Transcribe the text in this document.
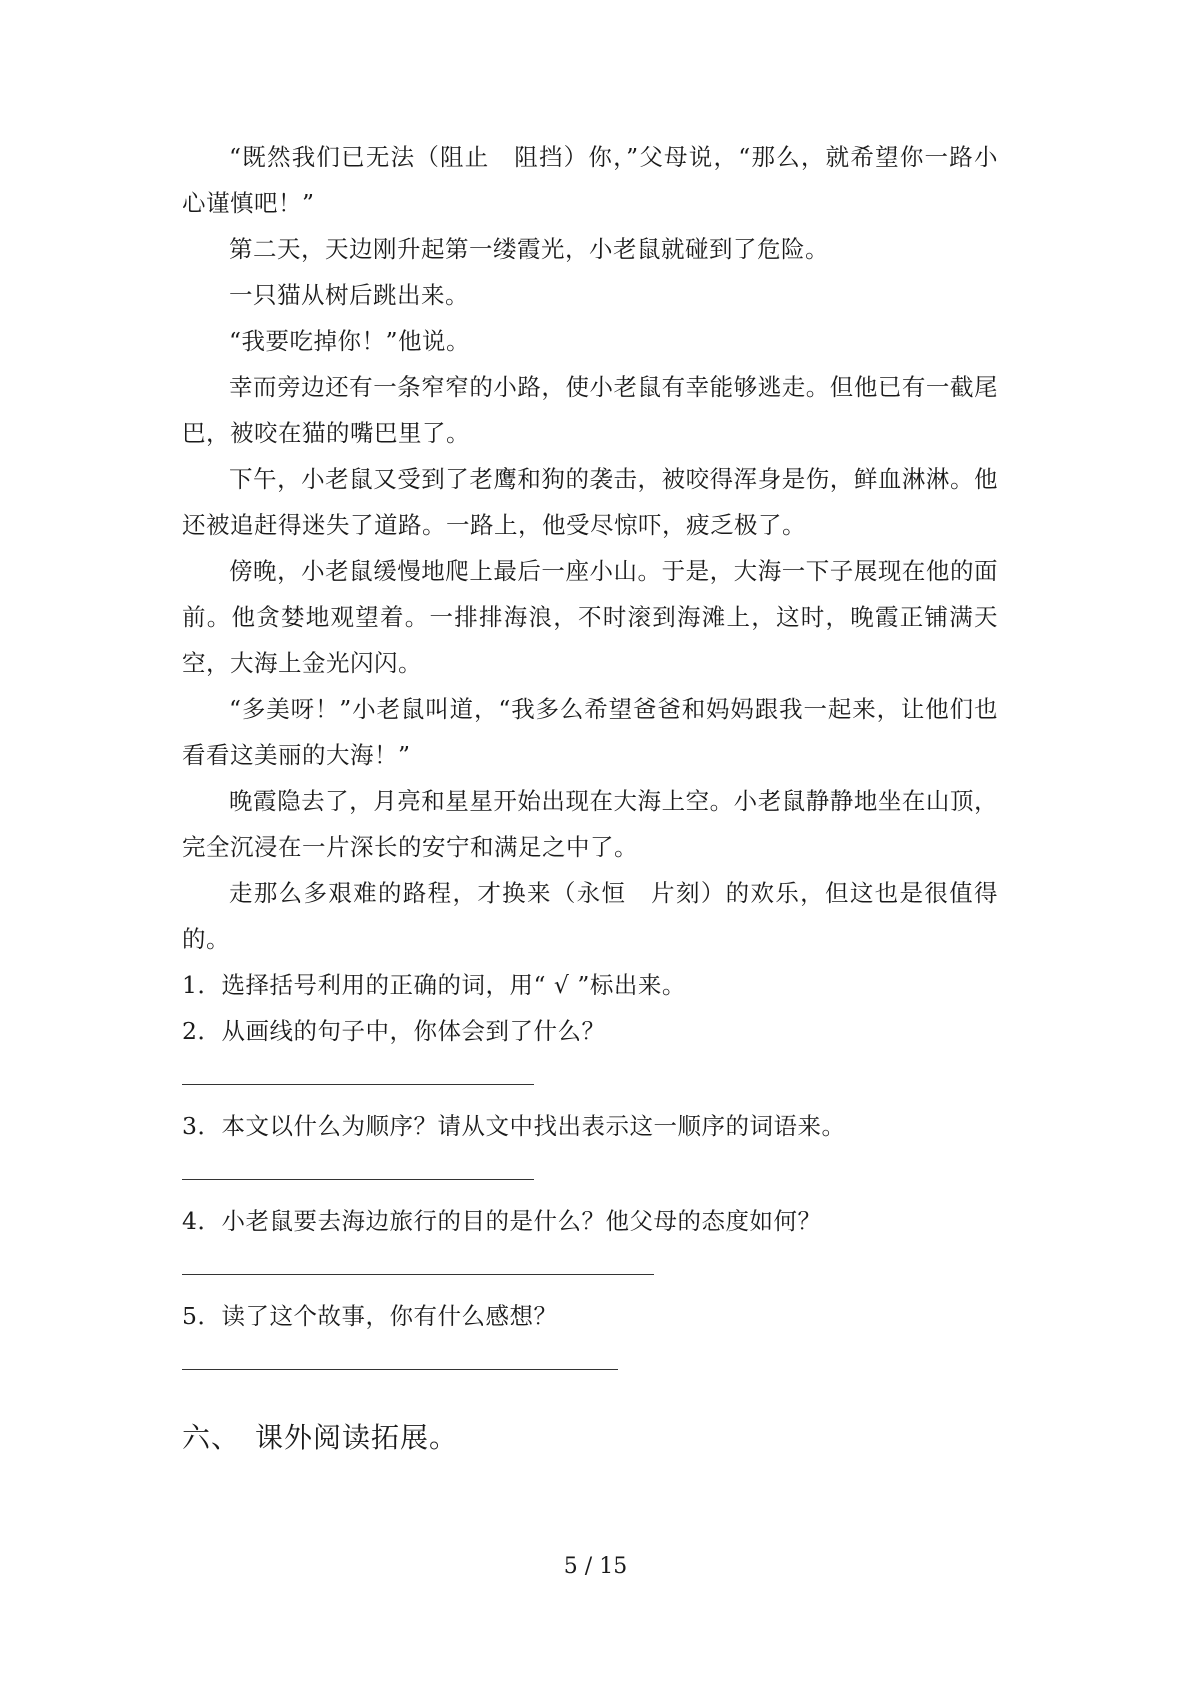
“既然我们已无法（阻止　阻挡）你，”父母说，“那么，就希望你一路小心谨慎吧！”

第二天，天边刚升起第一缕霞光，小老鼠就碰到了危险。

一只猫从树后跳出来。

“我要吃掉你！”他说。

幸而旁边还有一条窄窄的小路，使小老鼠有幸能够逃走。但他已有一截尾巴，被咬在猫的嘴巴里了。

下午，小老鼠又受到了老鹰和狗的袭击，被咬得浑身是伤，鲜血淋淋。他还被追赶得迷失了道路。一路上，他受尽惊吓，疲乏极了。

傍晚，小老鼠缓慢地爬上最后一座小山。于是，大海一下子展现在他的面前。他贪婪地观望着。一排排海浪，不时滚到海滩上，这时，晚霞正铺满天空，大海上金光闪闪。

“多美呀！”小老鼠叫道，“我多么希望爸爸和妈妈跟我一起来，让他们也看看这美丽的大海！”

晚霞隐去了，月亮和星星开始出现在大海上空。小老鼠静静地坐在山顶，完全沉浸在一片深长的安宁和满足之中了。

走那么多艰难的路程，才换来（永恒　片刻）的欢乐，但这也是很值得的。

1．选择括号利用的正确的词，用“ √ ”标出来。

2．从画线的句子中，你体会到了什么？

3．本文以什么为顺序？请从文中找出表示这一顺序的词语来。

4．小老鼠要去海边旅行的目的是什么？他父母的态度如何？

5．读了这个故事，你有什么感想？

六、　课外阅读拓展。

5 / 15
